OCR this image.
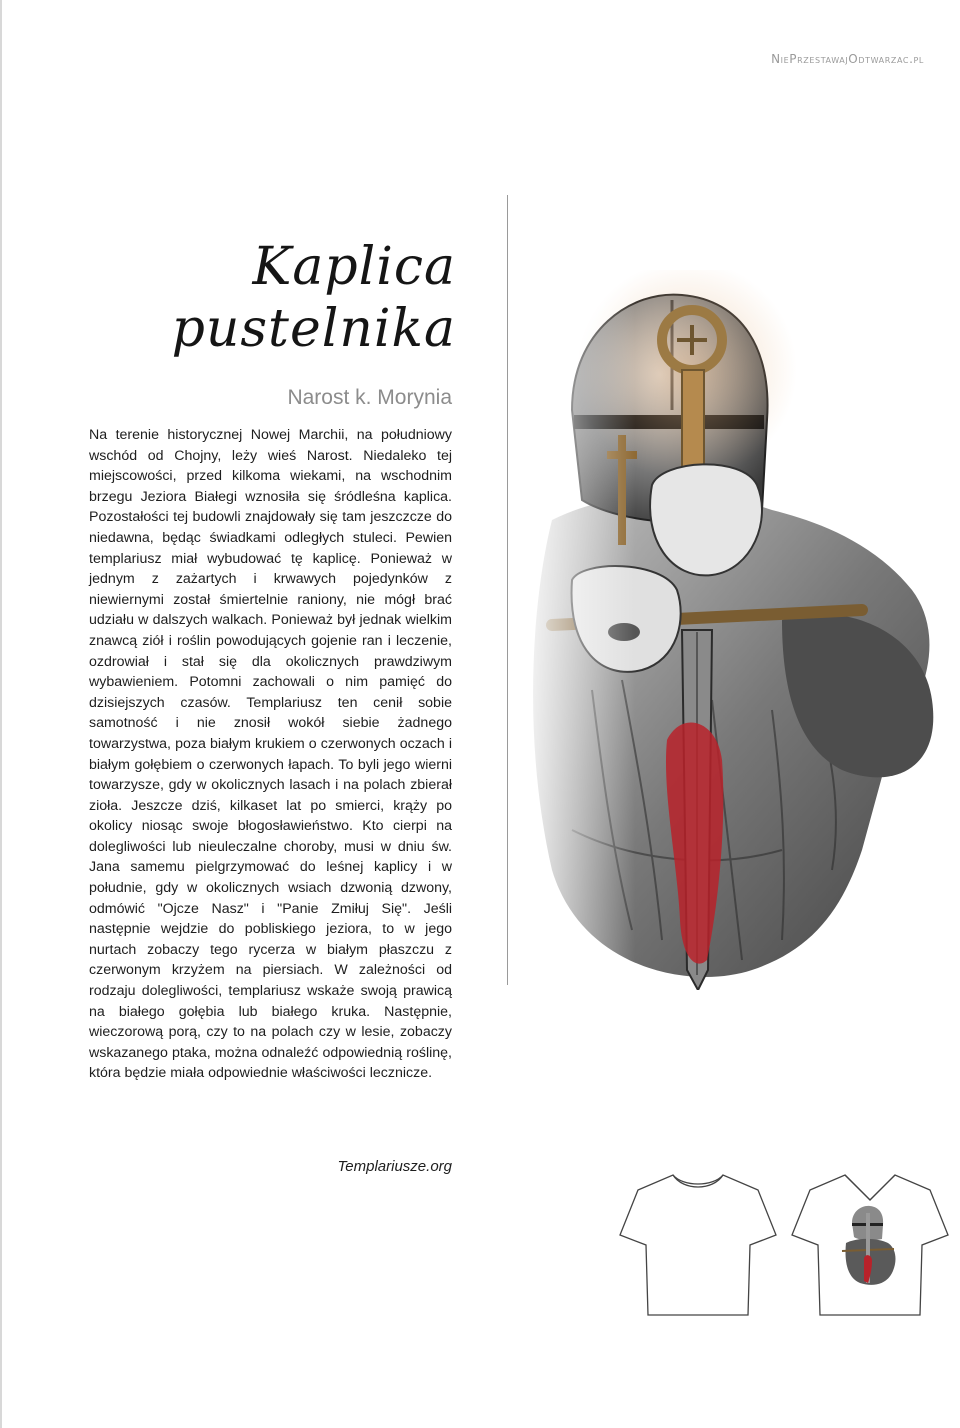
NiePrzestawajOdtwarzac.pl
Kaplica
pustelnika
Narost k. Morynia

Na terenie historycznej Nowej Marchii, na południowy wschód od Chojny, leży wieś Narost. Niedaleko tej miejscowości, przed kilkoma wiekami, na wschodnim brzegu Jeziora Białegi wznosiła się śródleśna kaplica. Pozostałości tej budowli znajdowały się tam jeszczcze do niedawna, będąc świadkami odległych stuleci. Pewien templariusz miał wybudować tę kaplicę. Ponieważ w jednym z zażartych i krwawych pojedynków z niewiernymi został śmiertelnie raniony, nie mógł brać udziału w dalszych walkach. Ponieważ był jednak wielkim znawcą ziół i roślin powodujących gojenie ran i leczenie, ozdrowiał i stał się dla okolicznych prawdziwym wybawieniem. Potomni zachowali o nim pamięć do dzisiejszych czasów. Templariusz ten cenił sobie samotność i nie znosił wokół siebie żadnego towarzystwa, poza białym krukiem o czerwonych oczach i białym gołębiem o czerwonych łapach. To byli jego wierni towarzysze, gdy w okolicznych lasach i na polach zbierał zioła. Jeszcze dziś, kilkaset lat po smierci, krąży po okolicy niosąc swoje błogosławieństwo. Kto cierpi na dolegliwości lub nieuleczalne choroby, musi w dniu św. Jana samemu pielgrzymować do leśnej kaplicy i w południe, gdy w okolicznych wsiach dzwonią dzwony, odmówić "Ojcze Nasz" i "Panie Zmiłuj Się". Jeśli następnie wejdzie do pobliskiego jeziora, to w jego nurtach zobaczy tego rycerza w białym płaszczu z czerwonym krzyżem na piersiach. W zależności od rodzaju dolegliwości, templariusz wskaże swoją prawicą na białego gołębia lub białego kruka. Następnie, wieczorową porą, czy to na polach czy w lesie, zobaczy wskazanego ptaka, można odnaleźć odpowiednią roślinę, która będzie miała odpowiednie właściwości lecznicze.

Templariusze.org
